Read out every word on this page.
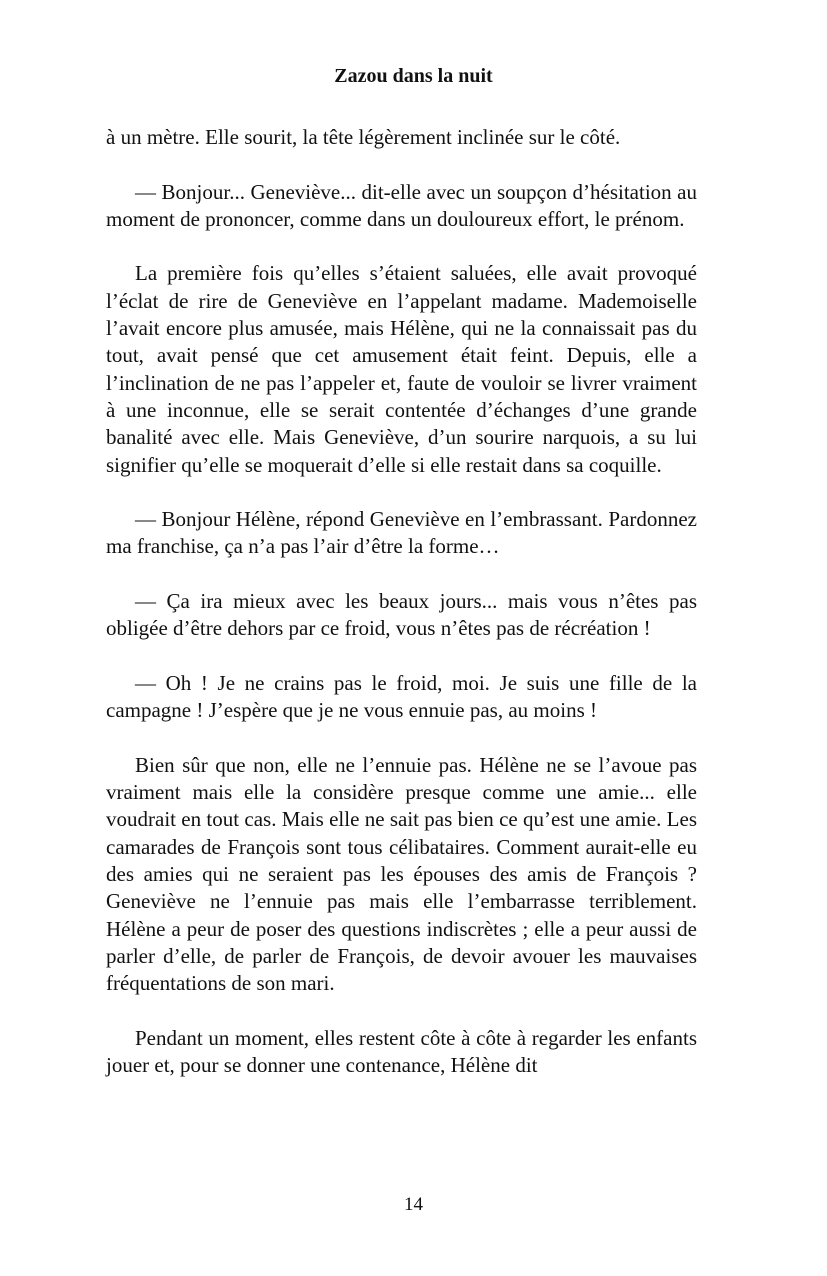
Zazou dans la nuit

à un mètre. Elle sourit, la tête légèrement inclinée sur le côté.

— Bonjour... Geneviève... dit-elle avec un soupçon d’hésitation au moment de prononcer, comme dans un douloureux effort, le prénom.

La première fois qu’elles s’étaient saluées, elle avait provoqué l’éclat de rire de Geneviève en l’appelant madame. Mademoiselle l’avait encore plus amusée, mais Hélène, qui ne la connaissait pas du tout, avait pensé que cet amusement était feint. Depuis, elle a l’inclination de ne pas l’appeler et, faute de vouloir se livrer vraiment à une inconnue, elle se serait contentée d’échanges d’une grande banalité avec elle. Mais Geneviève, d’un sourire narquois, a su lui signifier qu’elle se moquerait d’elle si elle restait dans sa coquille.

— Bonjour Hélène, répond Geneviève en l’embrassant. Pardonnez ma franchise, ça n’a pas l’air d’être la forme…

— Ça ira mieux avec les beaux jours... mais vous n’êtes pas obligée d’être dehors par ce froid, vous n’êtes pas de récréation !

— Oh ! Je ne crains pas le froid, moi. Je suis une fille de la campagne ! J’espère que je ne vous ennuie pas, au moins !

Bien sûr que non, elle ne l’ennuie pas. Hélène ne se l’avoue pas vraiment mais elle la considère presque comme une amie... elle voudrait en tout cas. Mais elle ne sait pas bien ce qu’est une amie. Les camarades de François sont tous célibataires. Comment aurait-elle eu des amies qui ne seraient pas les épouses des amis de François ? Geneviève ne l’ennuie pas mais elle l’embarrasse terriblement. Hélène a peur de poser des questions indiscrètes ; elle a peur aussi de parler d’elle, de parler de François, de devoir avouer les mauvaises fréquentations de son mari.

Pendant un moment, elles restent côte à côte à regarder les enfants jouer et, pour se donner une contenance, Hélène dit

14
